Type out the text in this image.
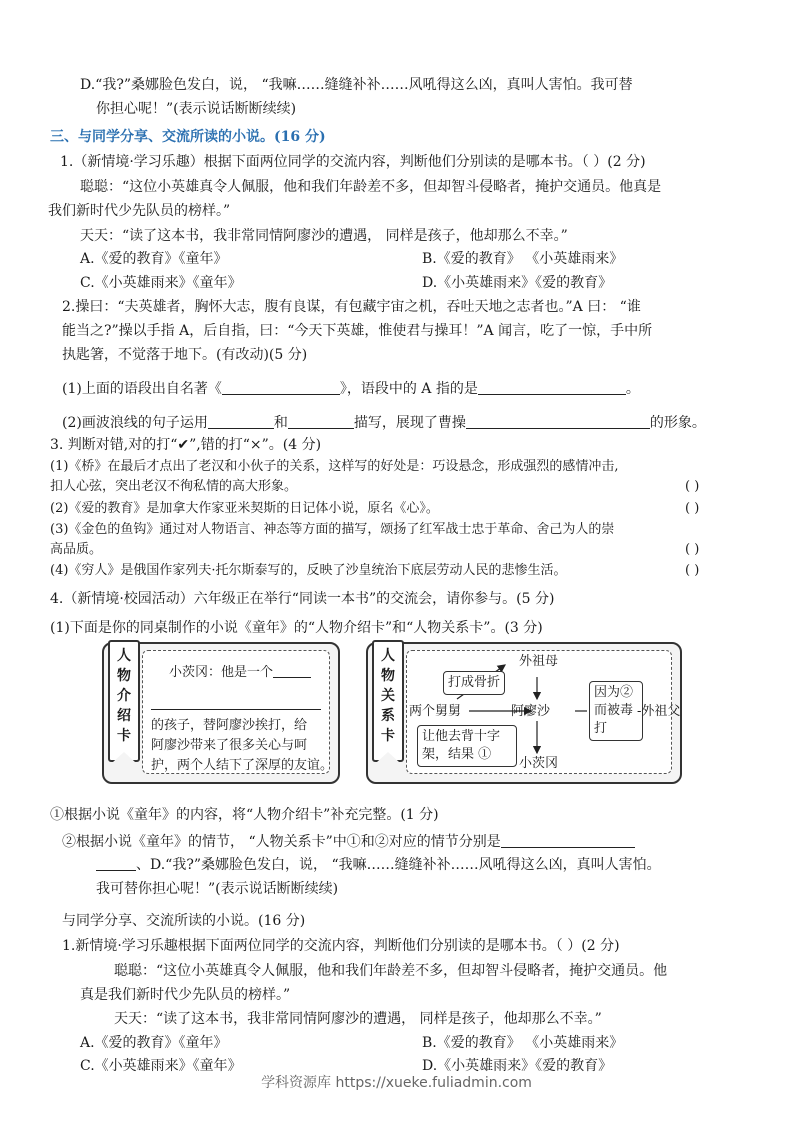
D.“我?”桑娜脸色发白，说， “我嘛……缝缝补补……风吼得这么凶，真叫人害怕。我可替
你担心呢！”(表示说话断断续续)
三、与同学分享、交流所读的小说。(16 分)
1.（新情境·学习乐趣）根据下面两位同学的交流内容，判断他们分别读的是哪本书。（ ）(2 分)
聪聪：“这位小英雄真令人佩服，他和我们年龄差不多，但却智斗侵略者，掩护交通员。他真是
我们新时代少先队员的榜样。”
天天：“读了这本书，我非常同情阿廖沙的遭遇， 同样是孩子，他却那么不幸。”
A.《爱的教育》《童年》	B.《爱的教育》 《小英雄雨来》
C.《小英雄雨来》《童年》	D.《小英雄雨来》《爱的教育》
2.操曰：“夫英雄者，胸怀大志，腹有良谋，有包藏宇宙之机，吞吐天地之志者也。”A 曰： “谁
能当之?”操以手指 A，后自指，曰：“今天下英雄，惟使君与操耳！”A 闻言，吃了一惊，手中所
执匙箸，不觉落于地下。(有改动)(5 分)
(1)上面的语段出自名著《	》，语段中的 A 指的是	。
(2)画波浪线的句子运用	和	描写，展现了曹操	的形象。
3. 判断对错,对的打“✔”,错的打“×”。(4 分)
(1)《桥》在最后才点出了老汉和小伙子的关系，这样写的好处是：巧设悬念，形成强烈的感情冲击,
扣人心弦，突出老汉不徇私情的高大形象。	( )
(2)《爱的教育》是加拿大作家亚米契斯的日记体小说，原名《心》。	( )
(3)《金色的鱼钩》通过对人物语言、神态等方面的描写，颂扬了红军战士忠于革命、舍己为人的崇
高品质。	( )
(4)《穷人》是俄国作家列夫·托尔斯泰写的，反映了沙皇统治下底层劳动人民的悲惨生活。	( )
4.（新情境·校园活动）六年级正在举行“同读一本书”的交流会，请你参与。(5 分)
(1)下面是你的同桌制作的小说《童年》的“人物介绍卡”和“人物关系卡”。(3 分)
人
物
介
绍
卡
小茨冈：他是一个
的孩子，替阿廖沙挨打，给
阿廖沙带来了很多关心与呵
护，两个人结下了深厚的友谊。
人
物
关
系
卡
外祖母
打成骨折
两个舅舅	阿廖沙
让他去背十字
架，结果 ①
小茨冈
因为②
而被毒
打
-外祖父
①根据小说《童年》的内容，将“人物介绍卡”补充完整。(1 分)
②根据小说《童年》的情节， “人物关系卡”中①和②对应的情节分别是
、D.“我?”桑娜脸色发白，说， “我嘛……缝缝补补……风吼得这么凶，真叫人害怕。
我可替你担心呢！”(表示说话断断续续)
与同学分享、交流所读的小说。(16 分)
1.新情境·学习乐趣根据下面两位同学的交流内容，判断他们分别读的是哪本书。（ ）(2 分)
聪聪：“这位小英雄真令人佩服，他和我们年龄差不多，但却智斗侵略者，掩护交通员。他
真是我们新时代少先队员的榜样。”
天天：“读了这本书，我非常同情阿廖沙的遭遇， 同样是孩子，他却那么不幸。”
A.《爱的教育》《童年》	B.《爱的教育》 《小英雄雨来》
C.《小英雄雨来》《童年》	D.《小英雄雨来》《爱的教育》
学科资源库 https://xueke.fuliadmin.com
